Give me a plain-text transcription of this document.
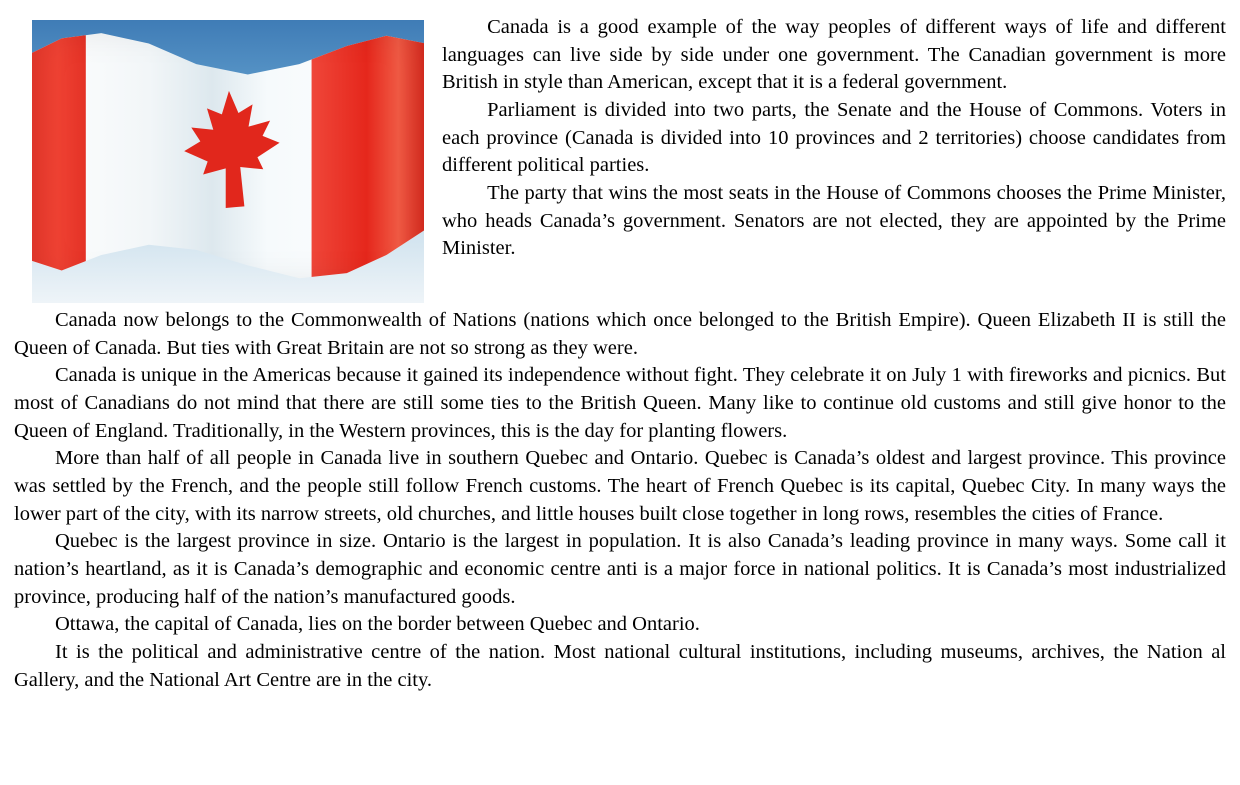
Canada is a good example of the way peoples of different ways of life and different languages can live side by side under one government. The Canadian government is more British in style than American, except that it is a federal government.

Parliament is divided into two parts, the Senate and the House of Commons. Voters in each province (Canada is divided into 10 provinces and 2 territories) choose candidates from different political parties.

The party that wins the most seats in the House of Commons chooses the Prime Minister, who heads Canada’s government. Senators are not elected, they are appointed by the Prime Minister.

Canada now belongs to the Commonwealth of Nations (nations which once belonged to the British Empire). Queen Elizabeth II is still the Queen of Canada. But ties with Great Britain are not so strong as they were.

Canada is unique in the Americas because it gained its independence without fight. They celebrate it on July 1 with fireworks and picnics. But most of Canadians do not mind that there are still some ties to the British Queen. Many like to continue old customs and still give honor to the Queen of England. Traditionally, in the Western provinces, this is the day for planting flowers.

More than half of all people in Canada live in southern Quebec and Ontario. Quebec is Canada’s oldest and largest province. This province was settled by the French, and the people still follow French customs. The heart of French Quebec is its capital, Quebec City. In many ways the lower part of the city, with its narrow streets, old churches, and little houses built close together in long rows, resembles the cities of France.

Quebec is the largest province in size. Ontario is the largest in population. It is also Canada’s leading province in many ways. Some call it nation’s heartland, as it is Canada’s demographic and economic centre anti is a major force in national politics. It is Canada’s most industrialized province, producing half of the nation’s manufactured goods.

Ottawa, the capital of Canada, lies on the border between Quebec and Ontario.

It is the political and administrative centre of the nation. Most national cultural institutions, including museums, archives, the Nation al Gallery, and the National Art Centre are in the city.
